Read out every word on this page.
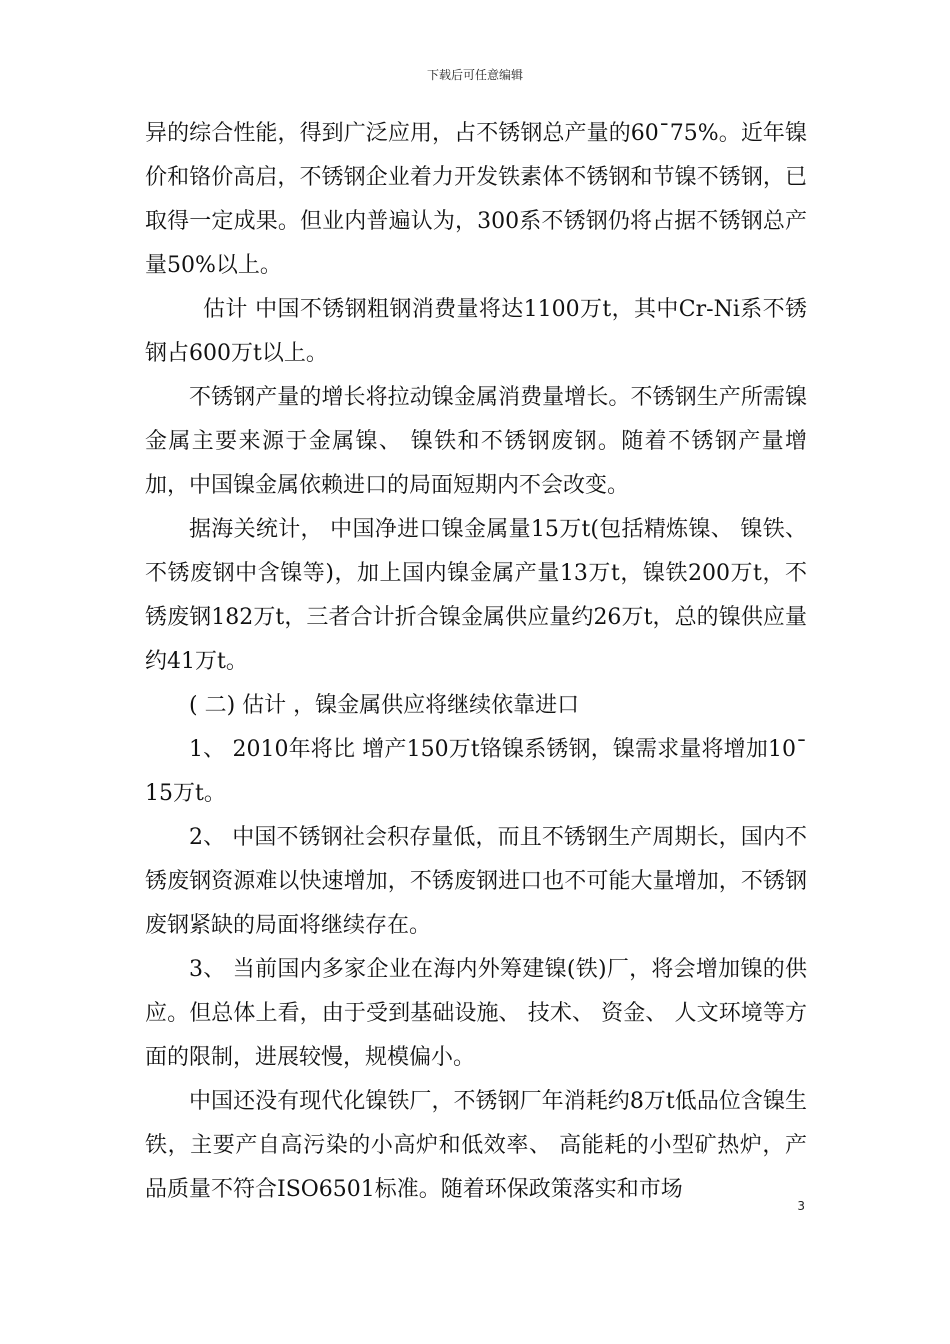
下载后可任意编辑

异的综合性能，得到广泛应用，占不锈钢总产量的60¯75%。近年镍价和铬价高启，不锈钢企业着力开发铁素体不锈钢和节镍不锈钢，已取得一定成果。但业内普遍认为，300系不锈钢仍将占据不锈钢总产量50%以上。

估计 中国不锈钢粗钢消费量将达1100万t，其中Cr-Ni系不锈钢占600万t以上。

不锈钢产量的增长将拉动镍金属消费量增长。不锈钢生产所需镍金属主要来源于金属镍、 镍铁和不锈钢废钢。随着不锈钢产量增加，中国镍金属依赖进口的局面短期内不会改变。

据海关统计， 中国净进口镍金属量15万t(包括精炼镍、 镍铁、 不锈废钢中含镍等)，加上国内镍金属产量13万t，镍铁200万t，不锈废钢182万t，三者合计折合镍金属供应量约26万t，总的镍供应量约41万t。

( 二) 估计 ，镍金属供应将继续依靠进口

1、 2010年将比 增产150万t铬镍系锈钢，镍需求量将增加10¯15万t。

2、 中国不锈钢社会积存量低，而且不锈钢生产周期长，国内不锈废钢资源难以快速增加，不锈废钢进口也不可能大量增加，不锈钢废钢紧缺的局面将继续存在。

3、 当前国内多家企业在海内外筹建镍(铁)厂，将会增加镍的供应。但总体上看，由于受到基础设施、 技术、 资金、 人文环境等方面的限制，进展较慢，规模偏小。

中国还没有现代化镍铁厂，不锈钢厂年消耗约8万t低品位含镍生铁，主要产自高污染的小高炉和低效率、 高能耗的小型矿热炉，产品质量不符合ISO6501标准。随着环保政策落实和市场

3
